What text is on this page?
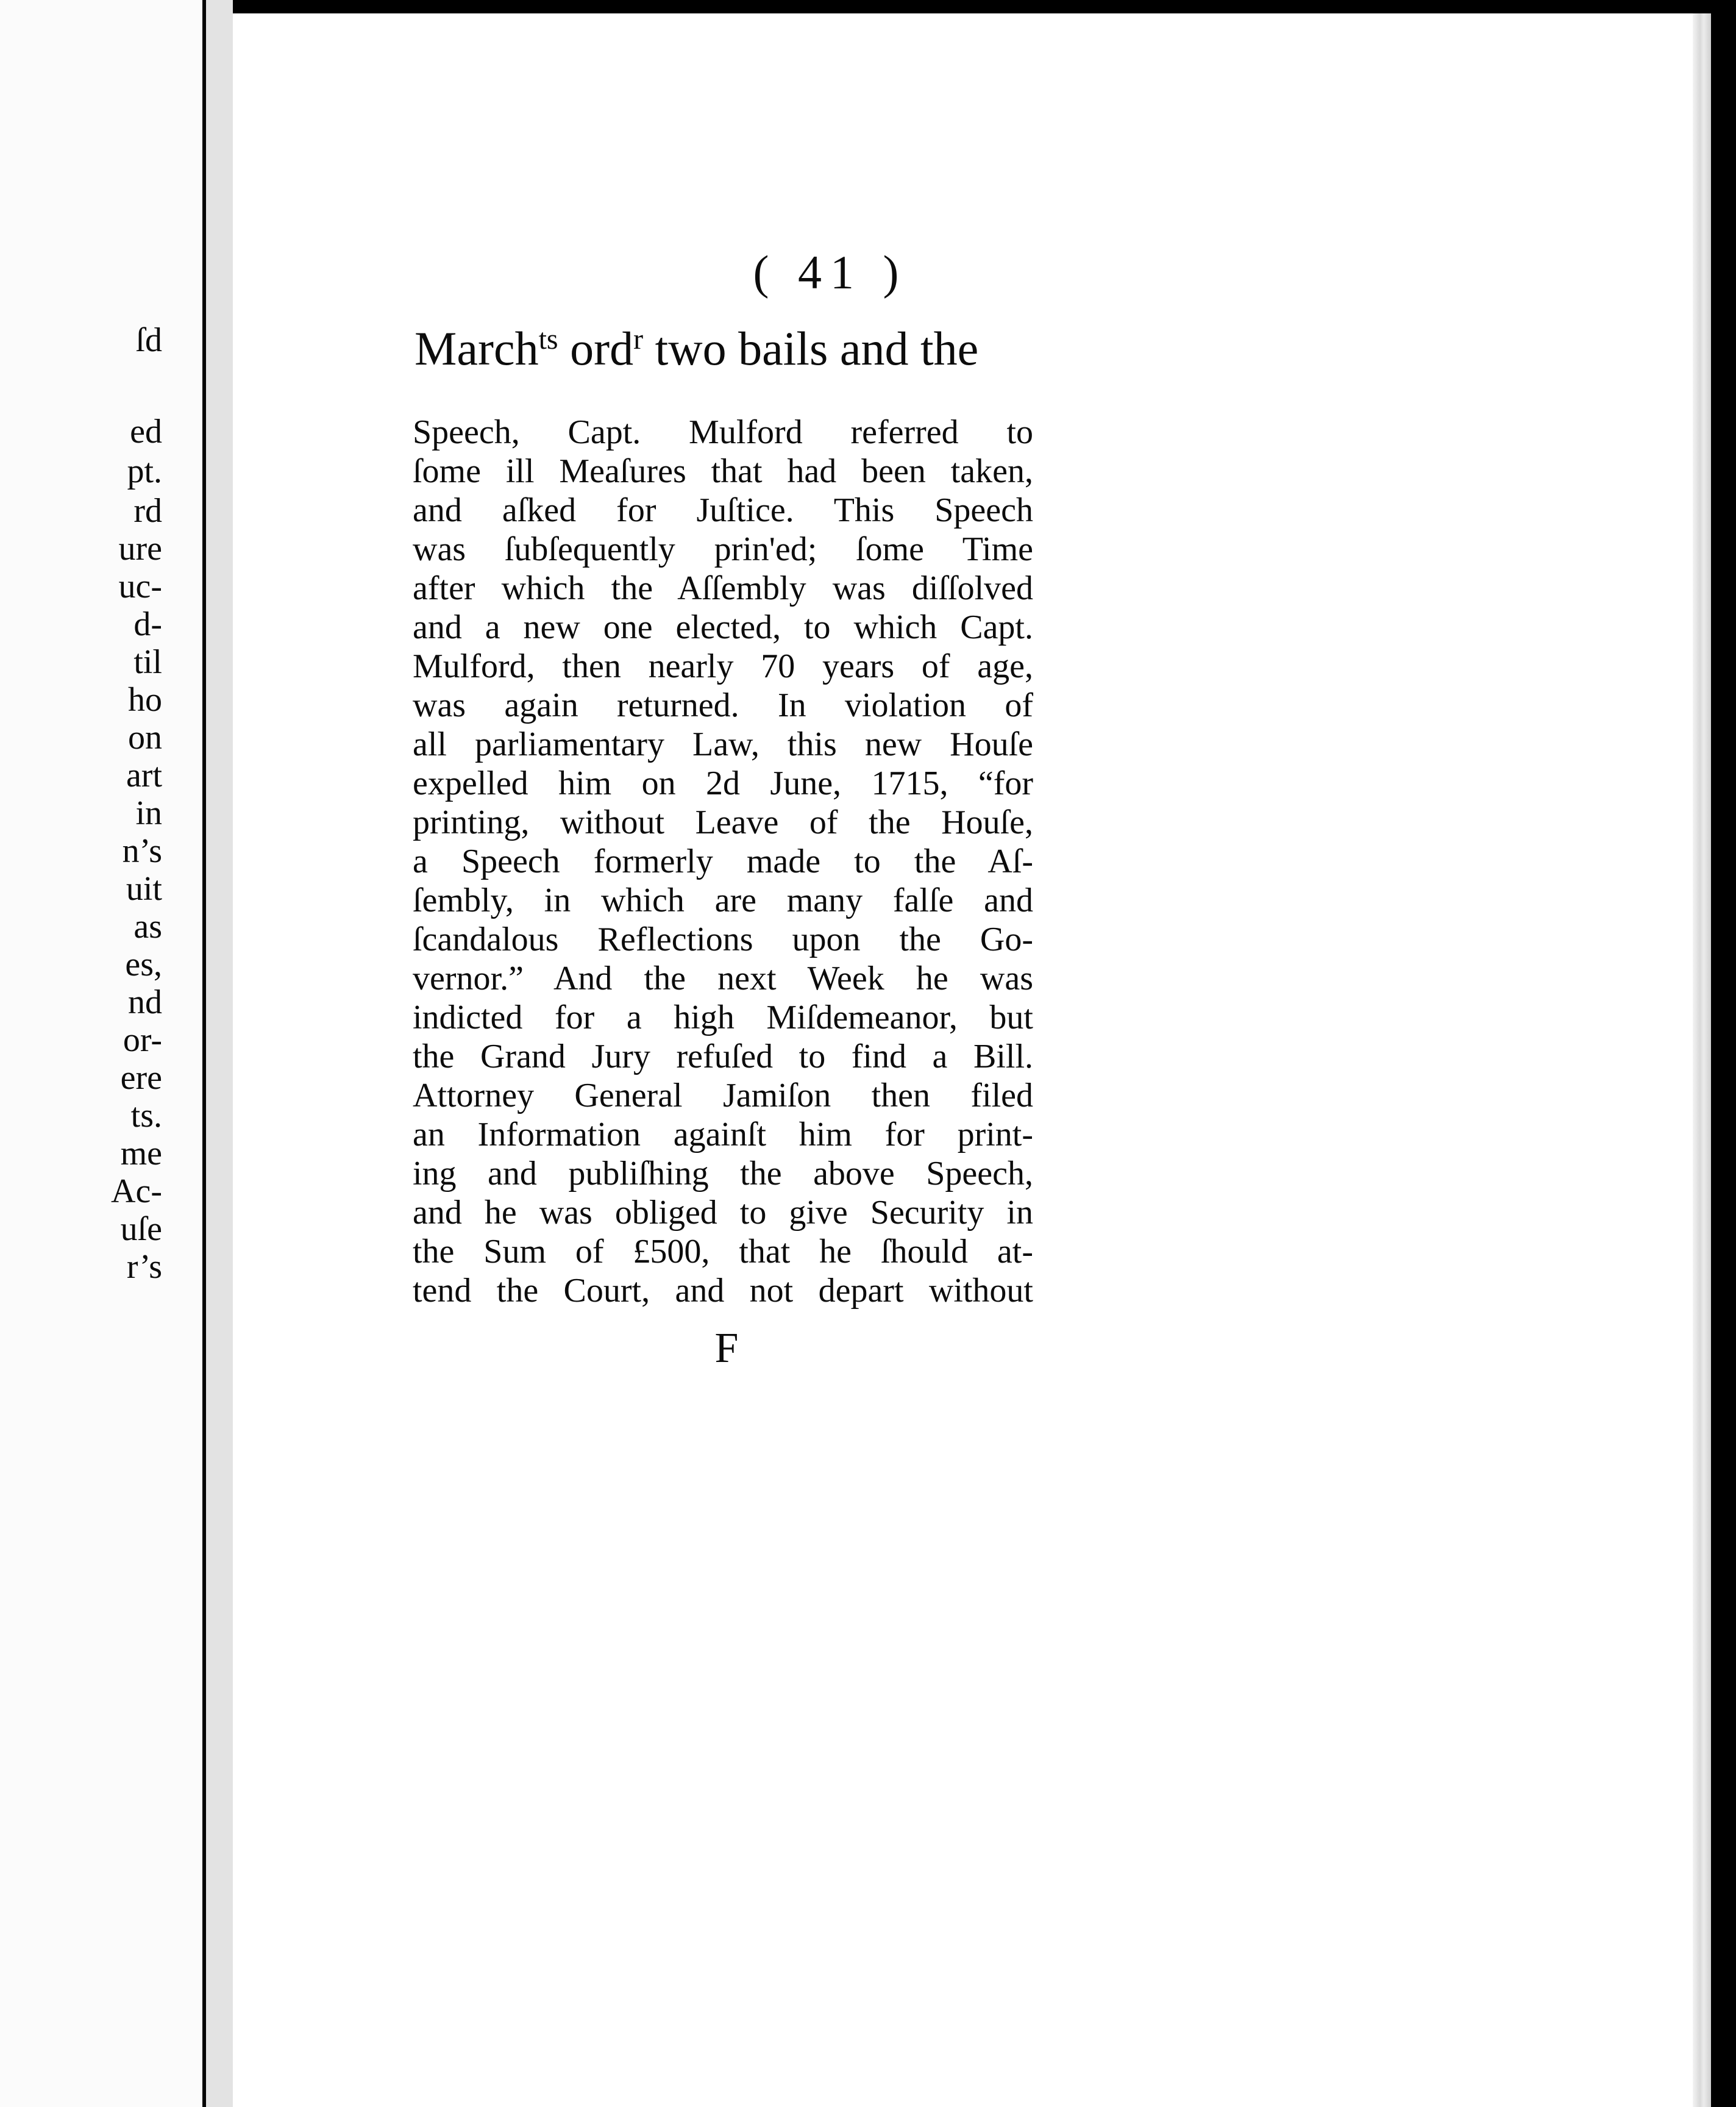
ſd
ed
pt.
rd
ure
uc-
d-
til
ho
on
art
in
n’s
uit
as
es,
nd
or-
ere
ts.
me
Ac-
uſe
r’s
( 41 )
March$^{ts}$ ord$^r$ two bails and the
Speech, Capt. Mulford referred to
ſome ill Meaſures that had been taken,
and aſked for Juſtice. This Speech
was ſubſequently prin'ed; ſome Time
after which the Aſſembly was diſſolved
and a new one elected, to which Capt.
Mulford, then nearly 70 years of age,
was again returned. In violation of
all parliamentary Law, this new Houſe
expelled him on 2d June, 1715, “for
printing, without Leave of the Houſe,
a Speech formerly made to the Aſ-
ſembly, in which are many falſe and
ſcandalous Reflections upon the Go-
vernor.” And the next Week he was
indicted for a high Miſdemeanor, but
the Grand Jury refuſed to find a Bill.
Attorney General Jamiſon then filed
an Information againſt him for print-
ing and publiſhing the above Speech,
and he was obliged to give Security in
the Sum of £500, that he ſhould at-
tend the Court, and not depart without
F
